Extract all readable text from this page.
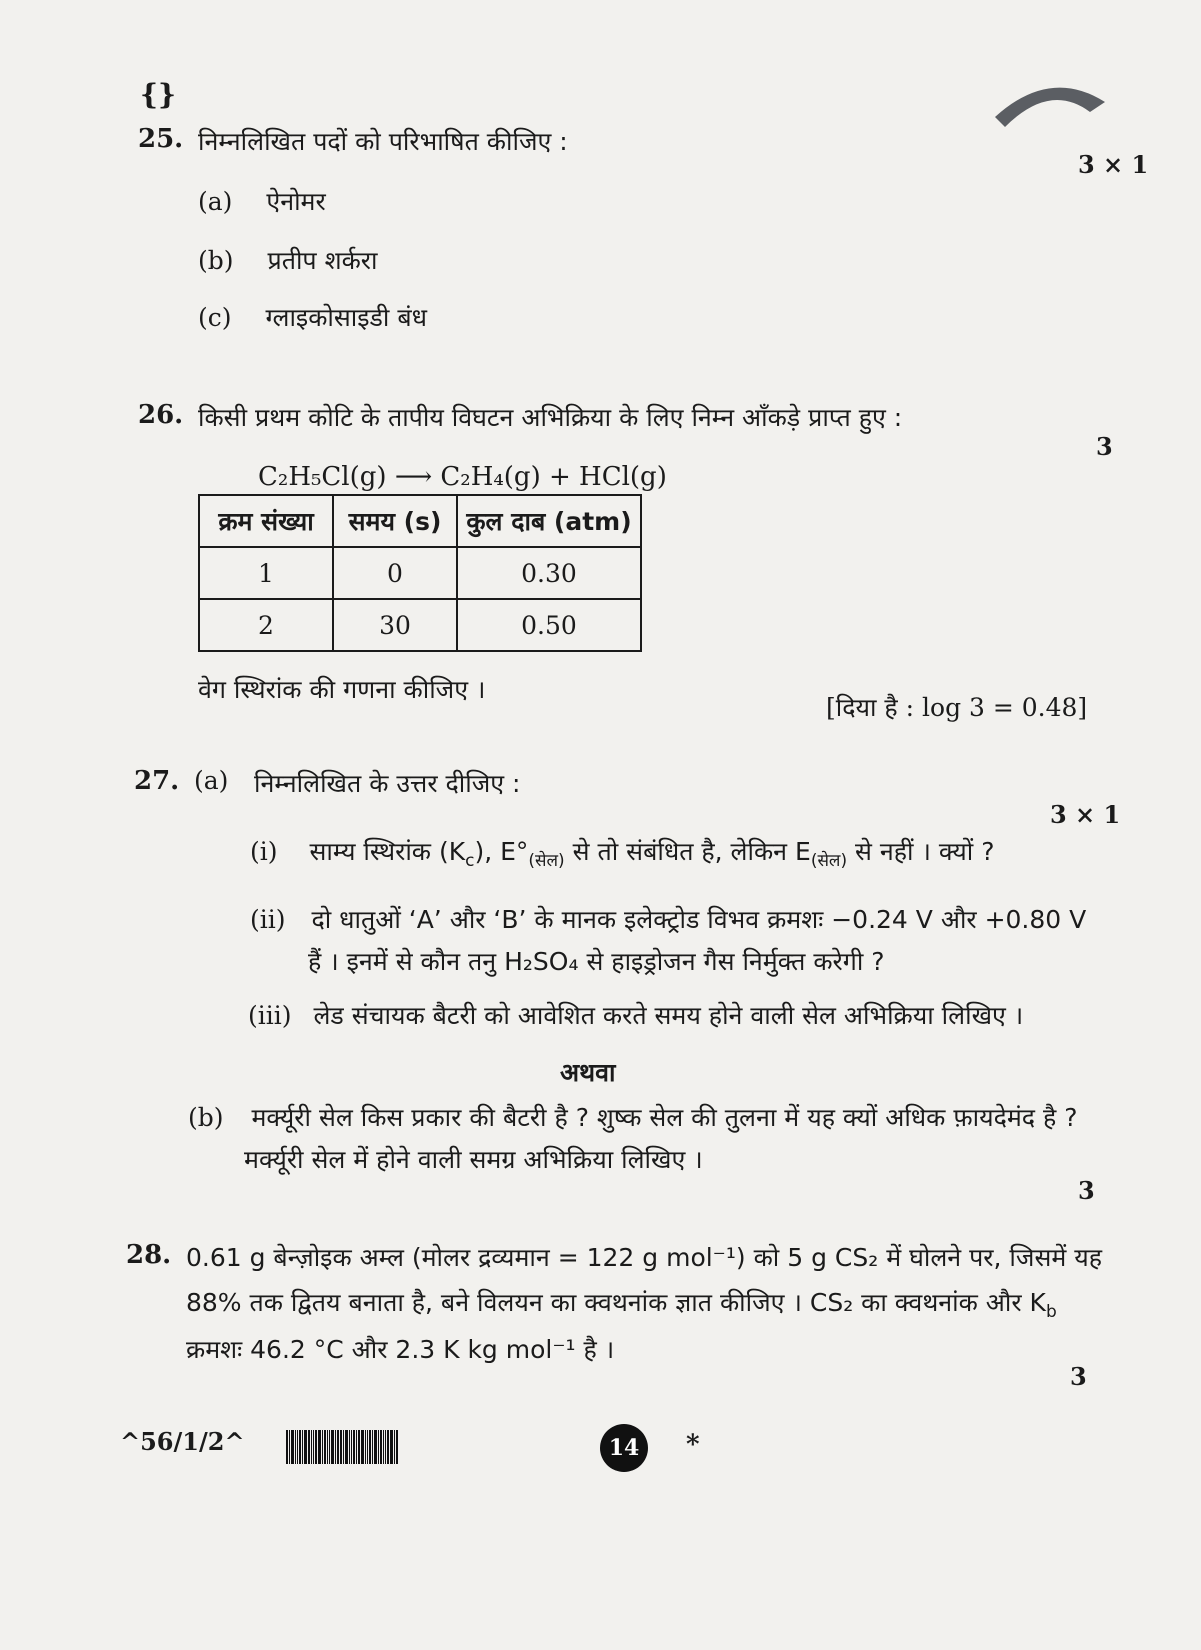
{}
25. निम्नलिखित पदों को परिभाषित कीजिए :
3 × 1
(a) ऐनोमर
(b) प्रतीप शर्करा
(c) ग्लाइकोसाइडी बंध
26. किसी प्रथम कोटि के तापीय विघटन अभिक्रिया के लिए निम्न आँकड़े प्राप्त हुए :
3
C₂H₅Cl(g) ⟶ C₂H₄(g) + HCl(g)
क्रम संख्या	समय (s)	कुल दाब (atm)
1	0	0.30
2	30	0.50
वेग स्थिरांक की गणना कीजिए ।
[दिया है : log 3 = 0.48]
27. (a) निम्नलिखित के उत्तर दीजिए :
3 × 1
(i) साम्य स्थिरांक $(K_c)$, $E^\circ_{(सेल)}$ से तो संबंधित है, लेकिन $E_{(सेल)}$ से नहीं । क्यों ?
(ii) दो धातुओं ‘A’ और ‘B’ के मानक इलेक्ट्रोड विभव क्रमशः −0.24 V और +0.80 V
हैं । इनमें से कौन तनु H₂SO₄ से हाइड्रोजन गैस निर्मुक्त करेगी ?
(iii) लेड संचायक बैटरी को आवेशित करते समय होने वाली सेल अभिक्रिया लिखिए ।
अथवा
(b) मर्क्यूरी सेल किस प्रकार की बैटरी है ? शुष्क सेल की तुलना में यह क्यों अधिक फ़ायदेमंद है ?
मर्क्यूरी सेल में होने वाली समग्र अभिक्रिया लिखिए ।
3
28. 0.61 g बेन्ज़ोइक अम्ल (मोलर द्रव्यमान = 122 g mol⁻¹) को 5 g CS₂ में घोलने पर, जिसमें यह
88% तक द्वितय बनाता है, बने विलयन का क्वथनांक ज्ञात कीजिए । CS₂ का क्वथनांक और $K_b$
क्रमशः 46.2 °C और 2.3 K kg mol⁻¹ है ।
3
^56/1/2^	14	*
